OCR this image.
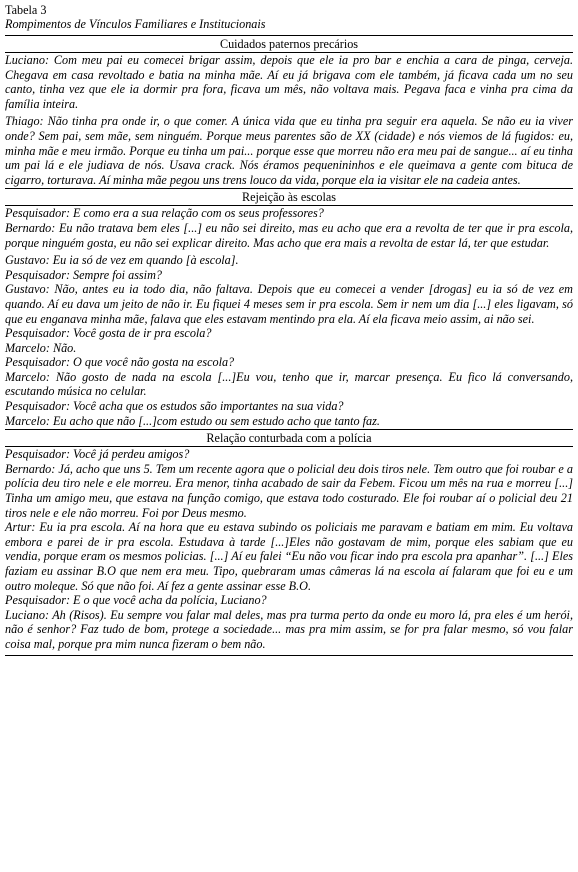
Tabela 3
Rompimentos de Vínculos Familiares e Institucionais
Cuidados paternos precários

Luciano: Com meu pai eu comecei brigar assim, depois que ele ia pro bar e enchia a cara de pinga, cerveja. Chegava em casa revoltado e batia na minha mãe. Aí eu já brigava com ele também, já ficava cada um no seu canto, tinha vez que ele ia dormir pra fora, ficava um mês, não voltava mais. Pegava faca e vinha pra cima da família inteira.

Thiago: Não tinha pra onde ir, o que comer. A única vida que eu tinha pra seguir era aquela. Se não eu ia viver onde? Sem pai, sem mãe, sem ninguém. Porque meus parentes são de XX (cidade) e nós viemos de lá fugidos: eu, minha mãe e meu irmão. Porque eu tinha um pai... porque esse que morreu não era meu pai de sangue... aí eu tinha um pai lá e ele judiava de nós. Usava crack. Nós éramos pequenininhos e ele queimava a gente com bituca de cigarro, torturava. Aí minha mãe pegou uns trens louco da vida, porque ela ia visitar ele na cadeia antes.

Rejeição às escolas

Pesquisador: E como era a sua relação com os seus professores?

Bernardo: Eu não tratava bem eles [...] eu não sei direito, mas eu acho que era a revolta de ter que ir pra escola, porque ninguém gosta, eu não sei explicar direito. Mas acho que era mais a revolta de estar lá, ter que estudar.

Gustavo: Eu ia só de vez em quando [à escola].

Pesquisador: Sempre foi assim?

Gustavo: Não, antes eu ia todo dia, não faltava. Depois que eu comecei a vender [drogas] eu ia só de vez em quando. Aí eu dava um jeito de não ir. Eu fiquei 4 meses sem ir pra escola. Sem ir nem um dia [...] eles ligavam, só que eu enganava minha mãe, falava que eles estavam mentindo pra ela. Aí ela ficava meio assim, ai não sei.

Pesquisador: Você gosta de ir pra escola?

Marcelo: Não.

Pesquisador: O que você não gosta na escola?

Marcelo: Não gosto de nada na escola [...]Eu vou, tenho que ir, marcar presença. Eu fico lá conversando, escutando música no celular.

Pesquisador: Você acha que os estudos são importantes na sua vida?

Marcelo: Eu acho que não [...]com estudo ou sem estudo acho que tanto faz.

Relação conturbada com a polícia

Pesquisador: Você já perdeu amigos?

Bernardo: Já, acho que uns 5. Tem um recente agora que o policial deu dois tiros nele. Tem outro que foi roubar e a polícia deu tiro nele e ele morreu. Era menor, tinha acabado de sair da Febem. Ficou um mês na rua e morreu [...] Tinha um amigo meu, que estava na função comigo, que estava todo costurado. Ele foi roubar aí o policial deu 21 tiros nele e ele não morreu. Foi por Deus mesmo.

Artur: Eu ia pra escola. Aí na hora que eu estava subindo os policiais me paravam e batiam em mim. Eu voltava embora e parei de ir pra escola. Estudava à tarde [...]Eles não gostavam de mim, porque eles sabiam que eu vendia, porque eram os mesmos policias. [...] Aí eu falei “Eu não vou ficar indo pra escola pra apanhar”. [...] Eles faziam eu assinar B.O que nem era meu. Tipo, quebraram umas câmeras lá na escola aí falaram que foi eu e um outro moleque. Só que não foi. Aí fez a gente assinar esse B.O.

Pesquisador: E o que você acha da polícia, Luciano?

Luciano: Ah (Risos). Eu sempre vou falar mal deles, mas pra turma perto da onde eu moro lá, pra eles é um herói, não é senhor? Faz tudo de bom, protege a sociedade... mas pra mim assim, se for pra falar mesmo, só vou falar coisa mal, porque pra mim nunca fizeram o bem não.
